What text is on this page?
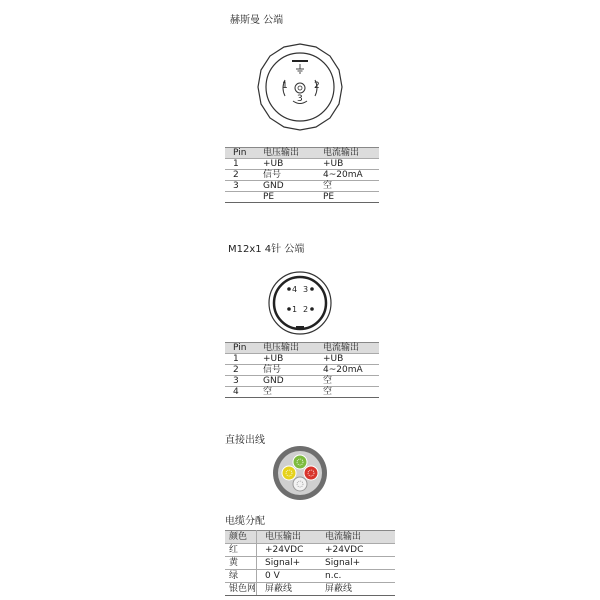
赫斯曼 公端
1	2
3
Pin	电压输出	电流输出
1	+UB	+UB
2	信号	4~20mA
3	GND	空
	PE	PE
M12x1 4针 公端
4 3
1 2
Pin	电压输出	电流输出
1	+UB	+UB
2	信号	4~20mA
3	GND	空
4	空	空
直接出线
电缆分配
颜色	电压输出	电流输出
红	+24VDC	+24VDC
黄	Signal+	Signal+
绿	0 V	n.c.
银色网	屏蔽线	屏蔽线
